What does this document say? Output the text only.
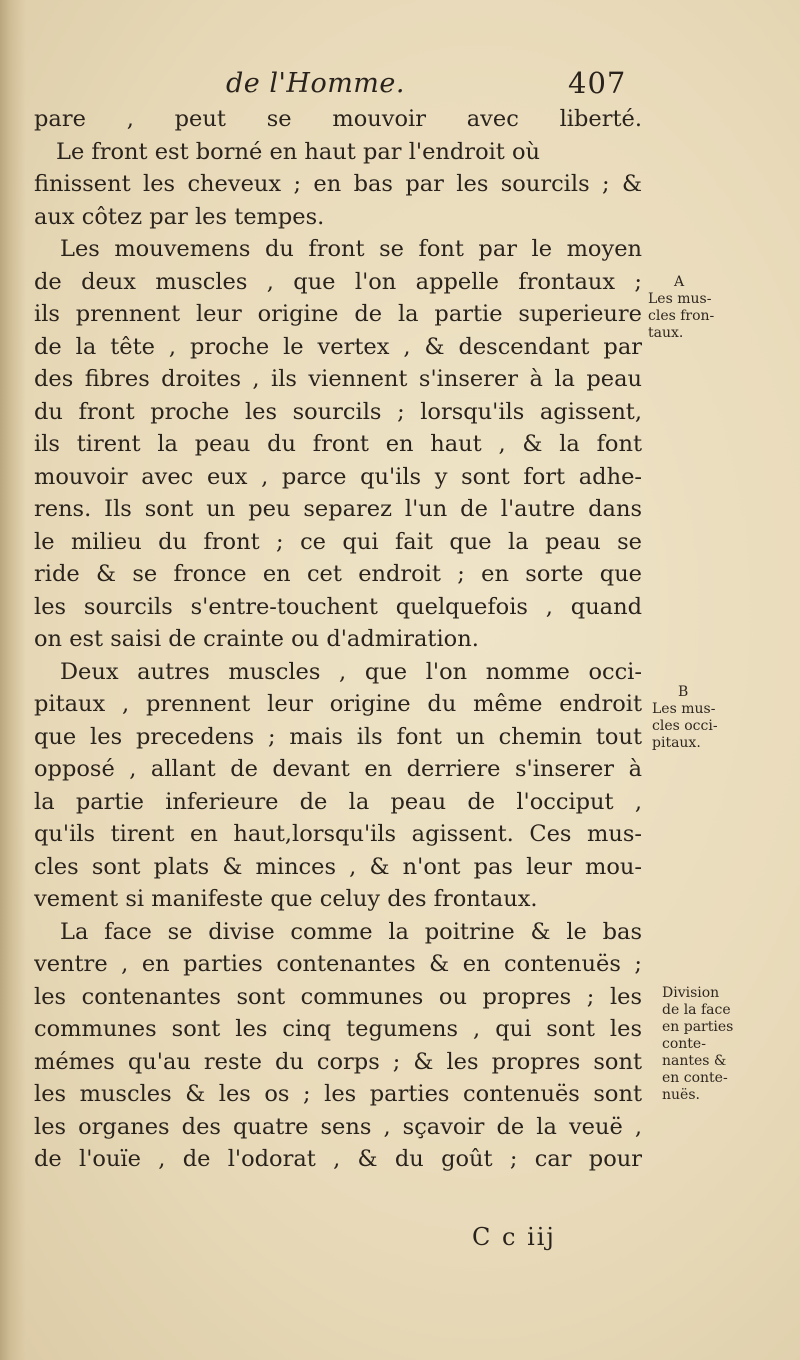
de l'Homme.	407
pare , peut se mouvoir avec liberté.
Le front est borné en haut par l'endroit où
finissent les cheveux ; en bas par les sourcils ; &
aux côtez par les tempes.
Les mouvemens du front se font par le moyen
de deux muscles , que l'on appelle frontaux ;
ils prennent leur origine de la partie superieure
de la tête , proche le vertex , & descendant par
des fibres droites , ils viennent s'inserer à la peau
du front proche les sourcils ; lorsqu'ils agissent,
ils tirent la peau du front en haut , & la font
mouvoir avec eux , parce qu'ils y sont fort adhe-
rens. Ils sont un peu separez l'un de l'autre dans
le milieu du front ; ce qui fait que la peau se
ride & se fronce en cet endroit ; en sorte que
les sourcils s'entre-touchent quelquefois , quand
on est saisi de crainte ou d'admiration.
Deux autres muscles , que l'on nomme occi-
pitaux , prennent leur origine du même endroit
que les precedens ; mais ils font un chemin tout
opposé , allant de devant en derriere s'inserer à
la partie inferieure de la peau de l'occiput ,
qu'ils tirent en haut,lorsqu'ils agissent. Ces mus-
cles sont plats & minces , & n'ont pas leur mou-
vement si manifeste que celuy des frontaux.
La face se divise comme la poitrine & le bas
ventre , en parties contenantes & en contenuës ;
les contenantes sont communes ou propres ; les
communes sont les cinq tegumens , qui sont les
mémes qu'au reste du corps ; & les propres sont
les muscles & les os ; les parties contenuës sont
les organes des quatre sens , sçavoir de la veuë ,
de l'ouïe , de l'odorat , & du goût ; car pour
C c iij
A
Les mus-
cles fron-
taux.
B
Les mus-
cles occi-
pitaux.
Division
de la face
en parties
conte-
nantes &
en conte-
nuës.
